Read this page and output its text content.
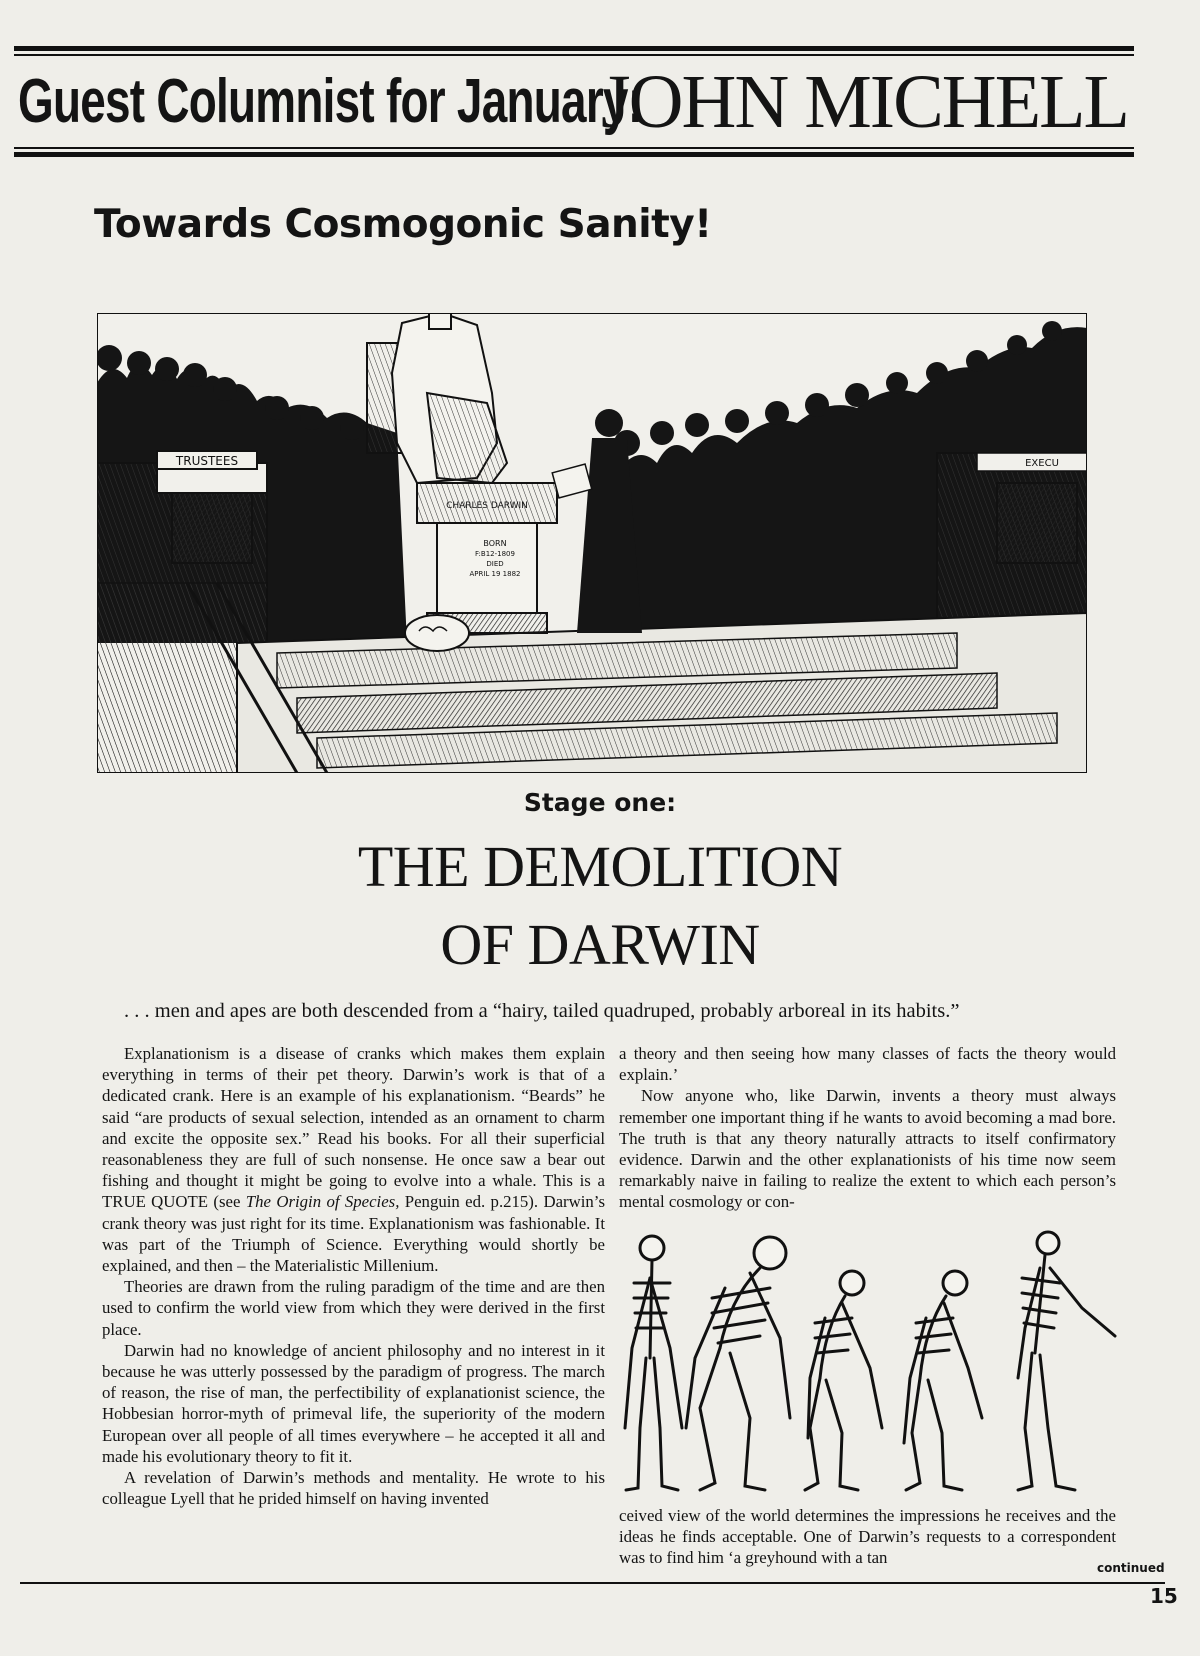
Guest Columnist for January:
JOHN MICHELL
Towards Cosmogonic Sanity!
TRUSTEES	EXECU
CHARLES DARWIN
BORN
F:B12-1809
DIED
APRIL 19 1882
Stage one:
THE DEMOLITION
OF DARWIN
. . . men and apes are both descended from a “hairy, tailed quadruped, probably arboreal in its habits.”

Explanationism is a disease of cranks which makes them explain everything in terms of their pet theory. Darwin’s work is that of a dedicated crank. Here is an example of his explanationism. “Beards” he said “are products of sexual selection, intended as an ornament to charm and excite the opposite sex.” Read his books. For all their superficial reasonableness they are full of such nonsense. He once saw a bear out fishing and thought it might be going to evolve into a whale. This is a TRUE QUOTE (see The Origin of Species, Penguin ed. p.215). Darwin’s crank theory was just right for its time. Explanationism was fashionable. It was part of the Triumph of Science. Everything would shortly be explained, and then – the Materialistic Millenium.

Theories are drawn from the ruling paradigm of the time and are then used to confirm the world view from which they were derived in the first place.

Darwin had no knowledge of ancient philosophy and no interest in it because he was utterly possessed by the paradigm of progress. The march of reason, the rise of man, the perfectibility of explanationist science, the Hobbesian horror-myth of primeval life, the superiority of the modern European over all people of all times everywhere – he accepted it all and made his evolutionary theory to fit it.

A revelation of Darwin’s methods and mentality. He wrote to his colleague Lyell that he prided himself on having invented

a theory and then seeing how many classes of facts the theory would explain.’

Now anyone who, like Darwin, invents a theory must always remember one important thing if he wants to avoid becoming a mad bore. The truth is that any theory naturally attracts to itself confirmatory evidence. Darwin and the other explanationists of his time now seem remarkably naive in failing to realize the extent to which each person’s mental cosmology or con-

ceived view of the world determines the impressions he receives and the ideas he finds acceptable. One of Darwin’s requests to a correspondent was to find him ‘a greyhound with a tan

continued
15
